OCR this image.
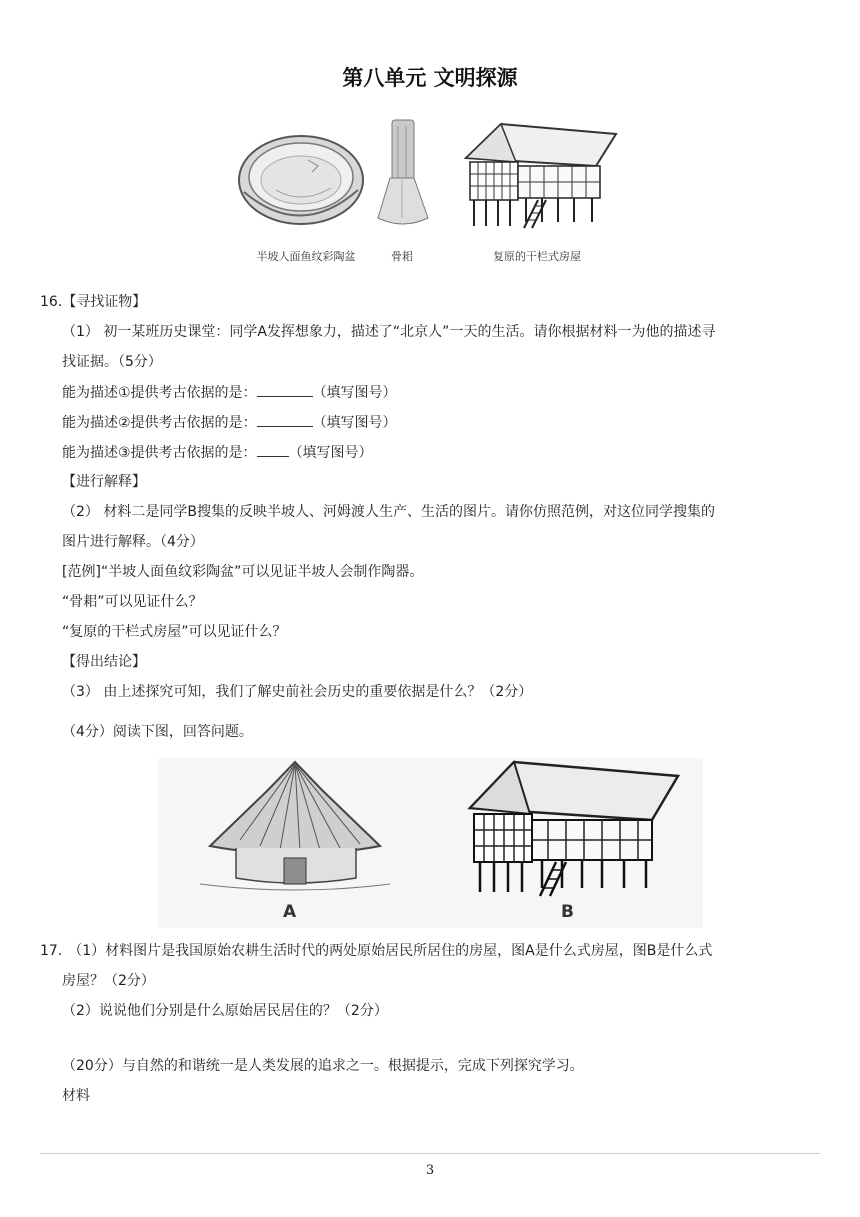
第八单元 文明探源
半坡人面鱼纹彩陶盆	骨耜	复原的干栏式房屋
16.【寻找证物】
（1） 初一某班历史课堂：同学A发挥想象力，描述了“北京人”一天的生活。请你根据材料一为他的描述寻
找证据。（5分）
能为描述①提供考古依据的是：	（填写图号）
能为描述②提供考古依据的是：	（填写图号）
能为描述③提供考古依据的是： （填写图号）
【进行解释】
（2） 材料二是同学B搜集的反映半坡人、河姆渡人生产、生活的图片。请你仿照范例，对这位同学搜集的
图片进行解释。（4分）
[范例]“半坡人面鱼纹彩陶盆”可以见证半坡人会制作陶器。
“骨耜”可以见证什么？
“复原的干栏式房屋”可以见证什么？
【得出结论】
（3） 由上述探究可知，我们了解史前社会历史的重要依据是什么？（2分）
（4分）阅读下图，回答问题。
A	B
17. （1）材料图片是我国原始农耕生活时代的两处原始居民所居住的房屋，图A是什么式房屋，图B是什么式
房屋？（2分）
（2）说说他们分别是什么原始居民居住的？（2分）
（20分）与自然的和谐统一是人类发展的追求之一。根据提示，完成下列探究学习。
材料
3
